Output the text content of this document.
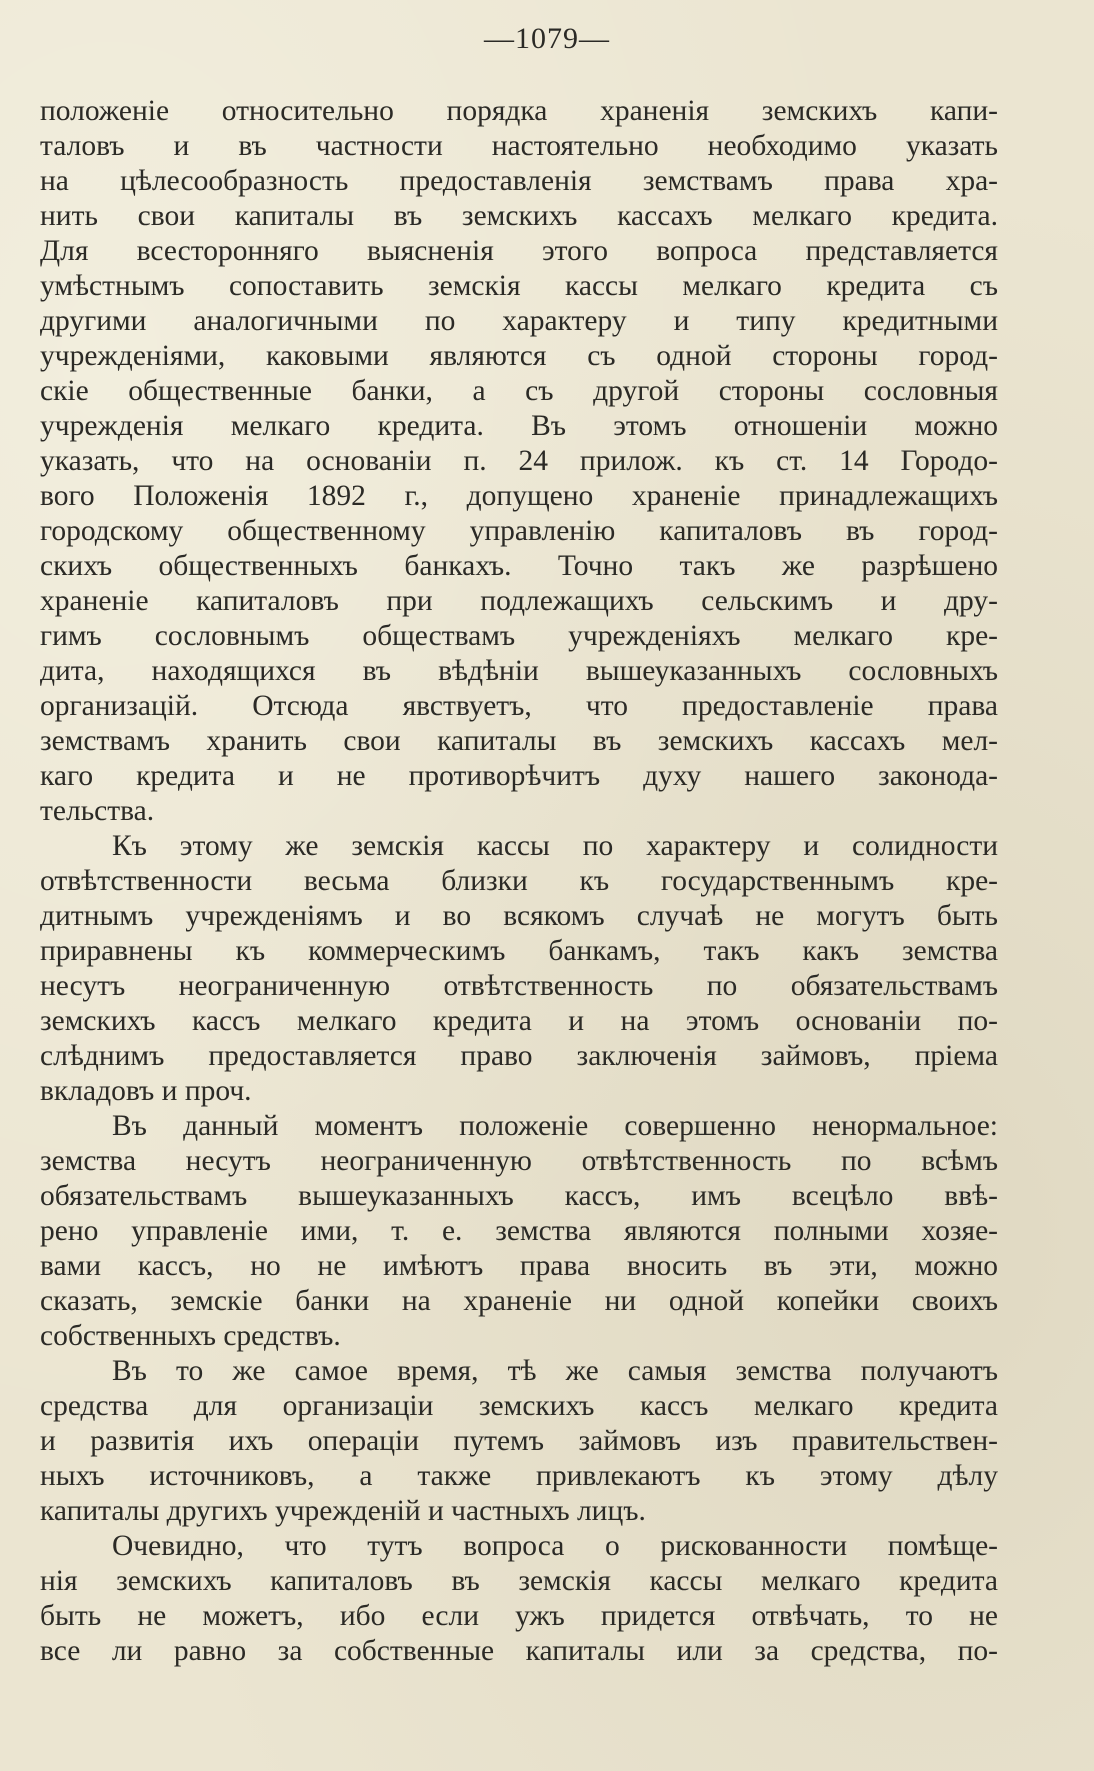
—1079—
положеніе относительно порядка храненія земскихъ капи-
таловъ и въ частности настоятельно необходимо указать
на цѣлесообразность предоставленія земствамъ права хра-
нить свои капиталы въ земскихъ кассахъ мелкаго кредита.
Для всесторонняго выясненія этого вопроса представляется
умѣстнымъ сопоставить земскія кассы мелкаго кредита съ
другими аналогичными по характеру и типу кредитными
учрежденіями, каковыми являются съ одной стороны город-
скіе общественные банки, а съ другой стороны сословныя
учрежденія мелкаго кредита. Въ этомъ отношеніи можно
указать, что на основаніи п. 24 прилож. къ ст. 14 Городо-
вого Положенія 1892 г., допущено храненіе принадлежащихъ
городскому общественному управленію капиталовъ въ город-
скихъ общественныхъ банкахъ. Точно такъ же разрѣшено
храненіе капиталовъ при подлежащихъ сельскимъ и дру-
гимъ сословнымъ обществамъ учрежденіяхъ мелкаго кре-
дита, находящихся въ вѣдѣніи вышеуказанныхъ сословныхъ
организацій. Отсюда явствуетъ, что предоставленіе права
земствамъ хранить свои капиталы въ земскихъ кассахъ мел-
каго кредита и не противорѣчитъ духу нашего законода-
тельства.
Къ этому же земскія кассы по характеру и солидности
отвѣтственности весьма близки къ государственнымъ кре-
дитнымъ учрежденіямъ и во всякомъ случаѣ не могутъ быть
приравнены къ коммерческимъ банкамъ, такъ какъ земства
несутъ неограниченную отвѣтственность по обязательствамъ
земскихъ кассъ мелкаго кредита и на этомъ основаніи по-
слѣднимъ предоставляется право заключенія займовъ, пріема
вкладовъ и проч.
Въ данный моментъ положеніе совершенно ненормальное:
земства несутъ неограниченную отвѣтственность по всѣмъ
обязательствамъ вышеуказанныхъ кассъ, имъ всецѣло ввѣ-
рено управленіе ими, т. е. земства являются полными хозяе-
вами кассъ, но не имѣютъ права вносить въ эти, можно
сказать, земскіе банки на храненіе ни одной копейки своихъ
собственныхъ средствъ.
Въ то же самое время, тѣ же самыя земства получаютъ
средства для организаціи земскихъ кассъ мелкаго кредита
и развитія ихъ операціи путемъ займовъ изъ правительствен-
ныхъ источниковъ, а также привлекаютъ къ этому дѣлу
капиталы другихъ учрежденій и частныхъ лицъ.
Очевидно, что тутъ вопроса о рискованности помѣще-
нія земскихъ капиталовъ въ земскія кассы мелкаго кредита
быть не можетъ, ибо если ужъ придется отвѣчать, то не
все ли равно за собственные капиталы или за средства, по-
